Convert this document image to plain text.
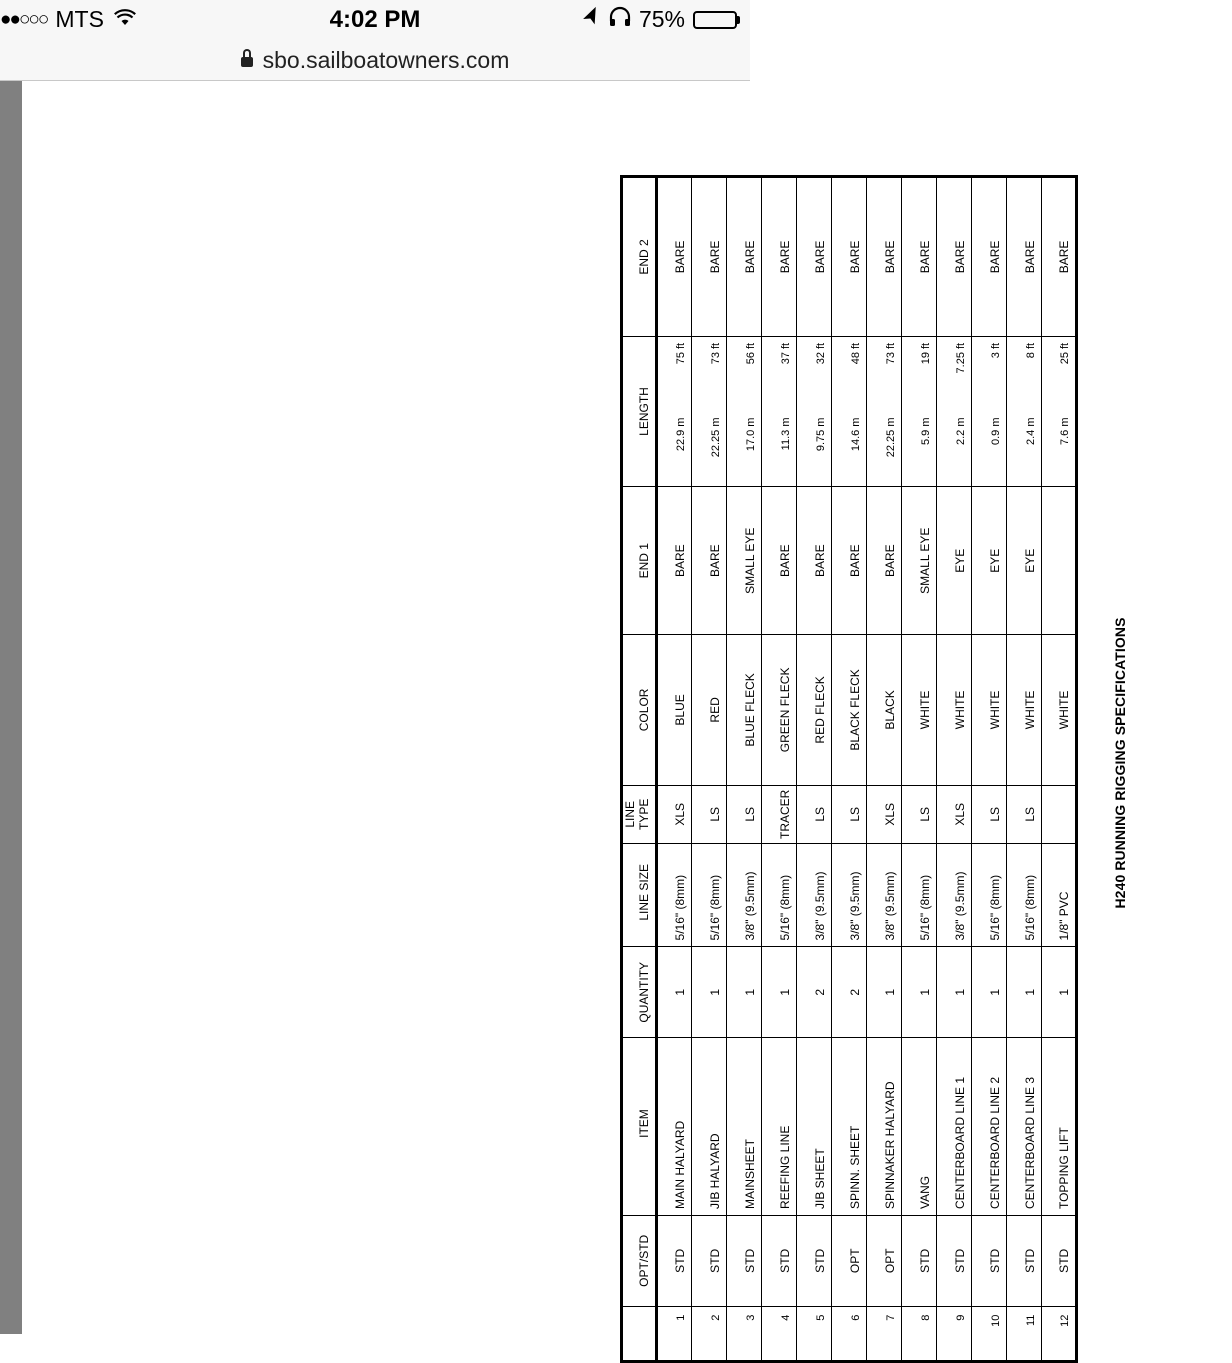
●●○○○ MTS	4:02 PM	75%
sbo.sailboatowners.com
	OPT/STD	ITEM	QUANTITY	LINE SIZE	LINE TYPE	COLOR	END 1	LENGTH		END 2
1	STD	MAIN HALYARD	1	5/16" (8mm)	XLS	BLUE	BARE	22.9 m	75 ft	BARE
2	STD	JIB HALYARD	1	5/16" (8mm)	LS	RED	BARE	22.25 m	73 ft	BARE
3	STD	MAINSHEET	1	3/8" (9.5mm)	LS	BLUE FLECK	SMALL EYE	17.0 m	56 ft	BARE
4	STD	REEFING LINE	1	5/16" (8mm)	TRACER	GREEN FLECK	BARE	11.3 m	37 ft	BARE
5	STD	JIB SHEET	2	3/8" (9.5mm)	LS	RED FLECK	BARE	9.75 m	32 ft	BARE
6	OPT	SPINN. SHEET	2	3/8" (9.5mm)	LS	BLACK FLECK	BARE	14.6 m	48 ft	BARE
7	OPT	SPINNAKER HALYARD	1	3/8" (9.5mm)	XLS	BLACK	BARE	22.25 m	73 ft	BARE
8	STD	VANG	1	5/16" (8mm)	LS	WHITE	SMALL EYE	5.9 m	19 ft	BARE
9	STD	CENTERBOARD LINE 1	1	3/8" (9.5mm)	XLS	WHITE	EYE	2.2 m	7.25 ft	BARE
10	STD	CENTERBOARD LINE 2	1	5/16" (8mm)	LS	WHITE	EYE	0.9 m	3 ft	BARE
11	STD	CENTERBOARD LINE 3	1	5/16" (8mm)	LS	WHITE	EYE	2.4 m	8 ft	BARE
12	STD	TOPPING LIFT	1	1/8" PVC		WHITE		7.6 m	25 ft	BARE
H240 RUNNING RIGGING SPECIFICATIONS
